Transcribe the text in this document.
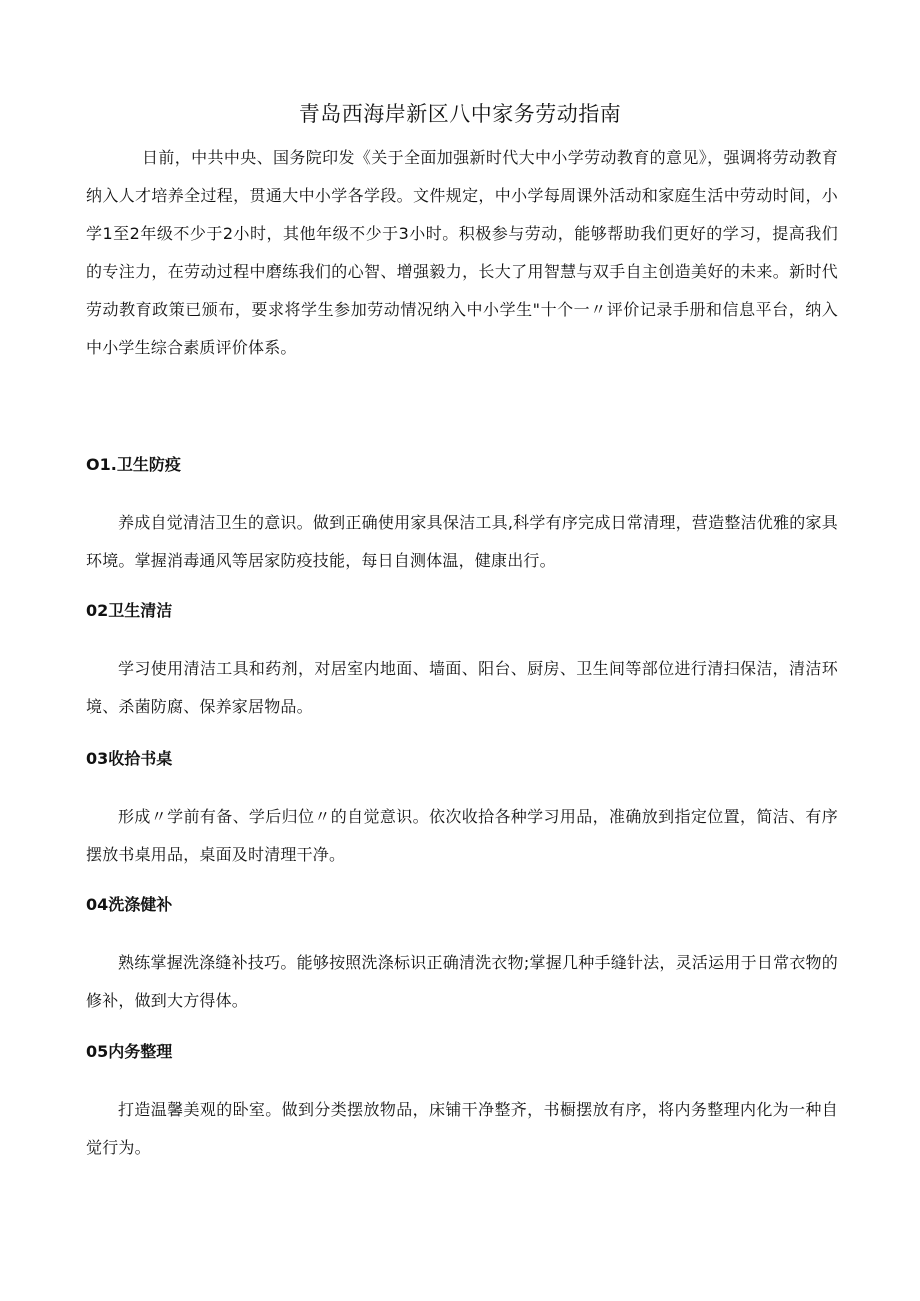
青岛西海岸新区八中家务劳动指南

日前，中共中央、国务院印发《关于全面加强新时代大中小学劳动教育的意见》，强调将劳动教育纳入人才培养全过程，贯通大中小学各学段。文件规定，中小学每周课外活动和家庭生活中劳动时间，小学1至2年级不少于2小时，其他年级不少于3小时。积极参与劳动，能够帮助我们更好的学习，提高我们的专注力，在劳动过程中磨练我们的心智、增强毅力，长大了用智慧与双手自主创造美好的未来。新时代劳动教育政策已颁布，要求将学生参加劳动情况纳入中小学生"十个一〃评价记录手册和信息平台，纳入中小学生综合素质评价体系。

O1.卫生防疫

养成自觉清洁卫生的意识。做到正确使用家具保洁工具,科学有序完成日常清理，营造整洁优雅的家具环境。掌握消毒通风等居家防疫技能，每日自测体温，健康出行。

02卫生清洁

学习使用清洁工具和药剂，对居室内地面、墙面、阳台、厨房、卫生间等部位进行清扫保洁，清洁环境、杀菌防腐、保养家居物品。

03收拾书桌

形成〃学前有备、学后归位〃的自觉意识。依次收拾各种学习用品，准确放到指定位置，简洁、有序摆放书桌用品，桌面及时清理干净。

04洗涤健补

熟练掌握洗涤缝补技巧。能够按照洗涤标识正确清洗衣物;掌握几种手缝针法，灵活运用于日常衣物的修补，做到大方得体。

05内务整理

打造温馨美观的卧室。做到分类摆放物品，床铺干净整齐，书橱摆放有序，将内务整理内化为一种自觉行为。
